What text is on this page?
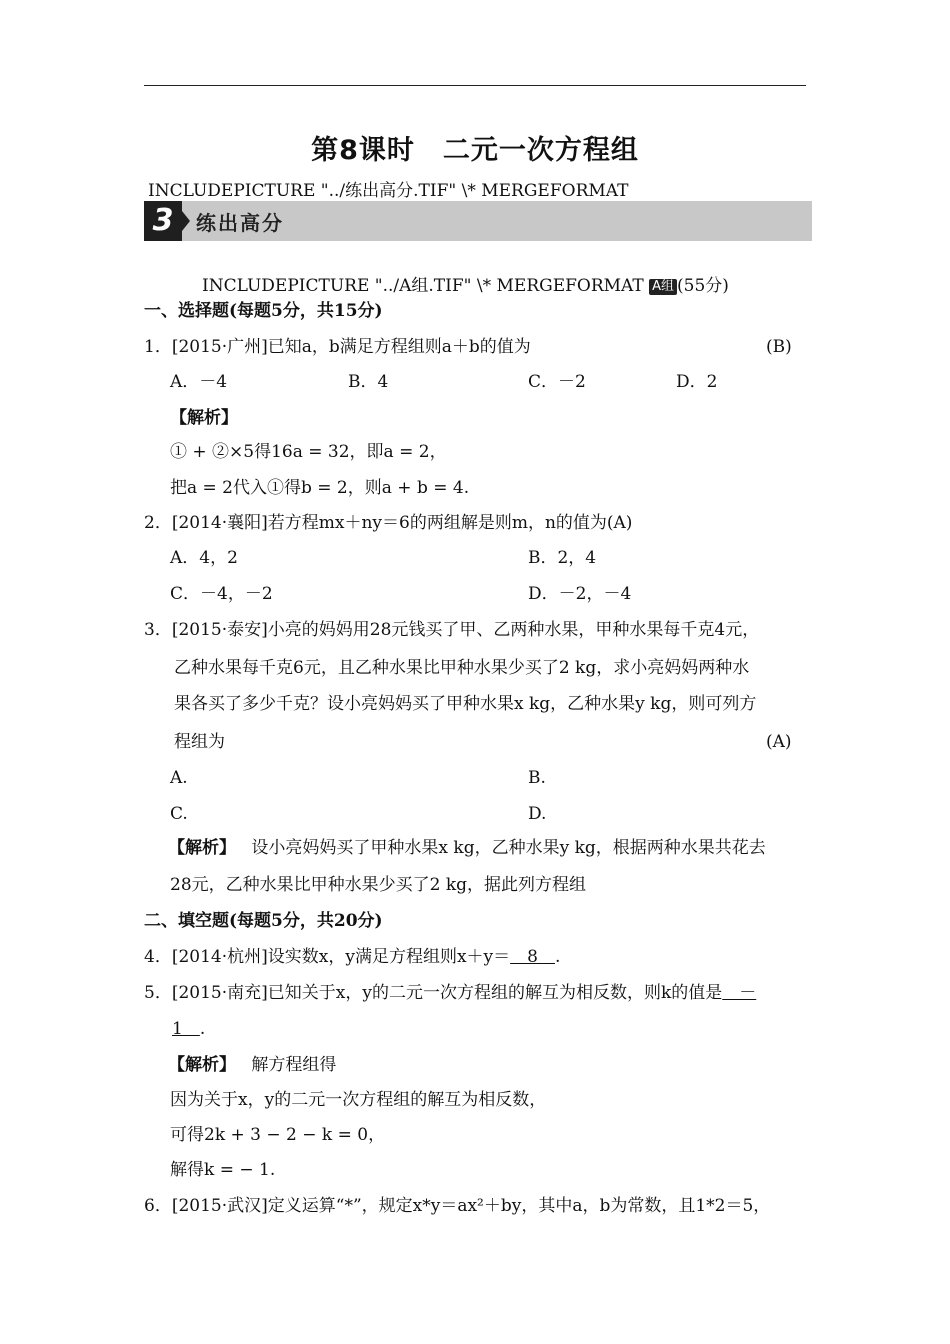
第8课时　二元一次方程组
INCLUDEPICTURE "../练出高分.TIF" \* MERGEFORMAT
3	练出高分
INCLUDEPICTURE "../A组.TIF" \* MERGEFORMAT A组 (55分)
一、选择题(每题5分，共15分)
1．[2015·广州]已知a，b满足方程组则a＋b的值为	(B)
A．－4	B．4	C．－2	D．2
【解析】
① + ②×5得16a = 32，即a = 2，
把a = 2代入①得b = 2，则a + b = 4.
2．[2014·襄阳]若方程mx＋ny＝6的两组解是则m，n的值为(A)
A．4，2	B．2，4
C．－4，－2	D．－2，－4
3．[2015·泰安]小亮的妈妈用28元钱买了甲、乙两种水果，甲种水果每千克4元，
乙种水果每千克6元，且乙种水果比甲种水果少买了2 kg，求小亮妈妈两种水
果各买了多少千克？设小亮妈妈买了甲种水果x kg，乙种水果y kg，则可列方
程组为	(A)
A.	B.
C.	D.
【解析】 设小亮妈妈买了甲种水果x kg，乙种水果y kg，根据两种水果共花去
28元，乙种水果比甲种水果少买了2 kg，据此列方程组
二、填空题(每题5分，共20分)
4．[2014·杭州]设实数x，y满足方程组则x＋y＝　8　.
5．[2015·南充]已知关于x，y的二元一次方程组的解互为相反数，则k的值是　－
1　.
【解析】 解方程组得
因为关于x，y的二元一次方程组的解互为相反数，
可得2k + 3 − 2 − k = 0，
解得k = − 1.
6．[2015·武汉]定义运算“*”，规定x*y＝ax²＋by，其中a，b为常数，且1*2＝5，
